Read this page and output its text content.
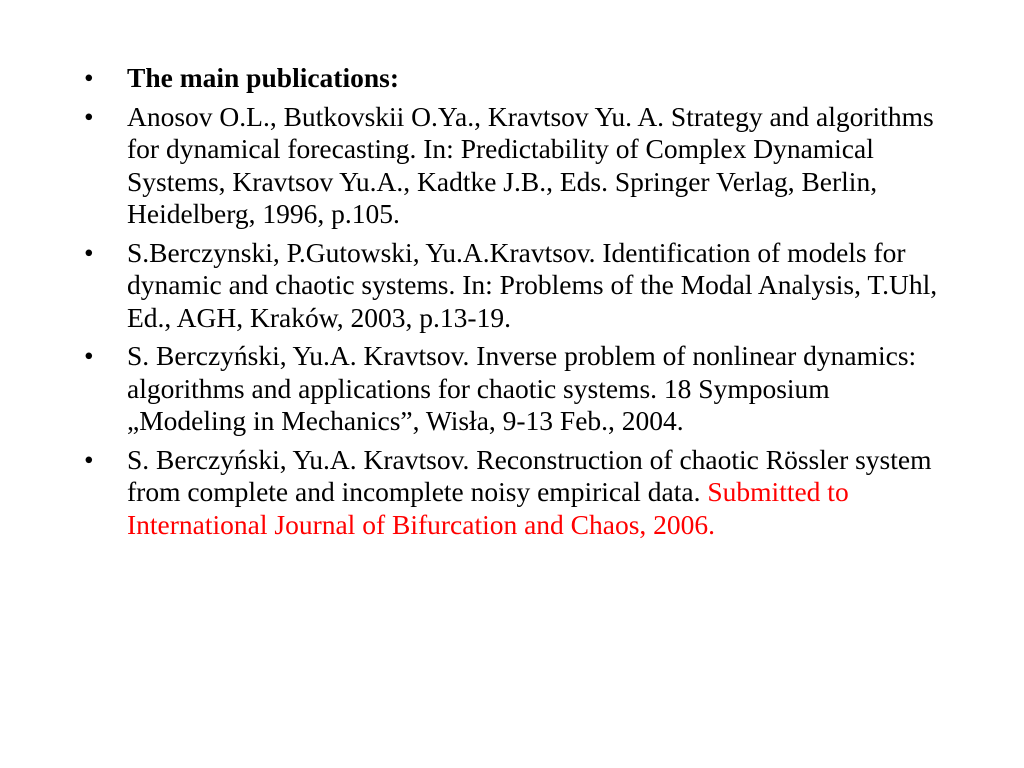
•	The main publications:
•	Anosov O.L., Butkovskii O.Ya., Kravtsov Yu. A. Strategy and algorithms for dynamical forecasting. In: Predictability of Complex Dynamical Systems, Kravtsov Yu.A., Kadtke J.B., Eds. Springer Verlag, Berlin, Heidelberg, 1996, p.105.
•	S.Berczynski, P.Gutowski, Yu.A.Kravtsov. Identification of models for dynamic and chaotic systems. In: Problems of the Modal Analysis, T.Uhl, Ed., AGH, Kraków, 2003, p.13-19.
•	S. Berczyński, Yu.A. Kravtsov. Inverse problem of nonlinear dynamics: algorithms and applications for chaotic systems. 18 Symposium „Modeling in Mechanics”, Wisła, 9-13 Feb., 2004.
•	S. Berczyński, Yu.A. Kravtsov. Reconstruction of chaotic Rössler system from complete and incomplete noisy empirical data. Submitted to International Journal of Bifurcation and Chaos, 2006.
